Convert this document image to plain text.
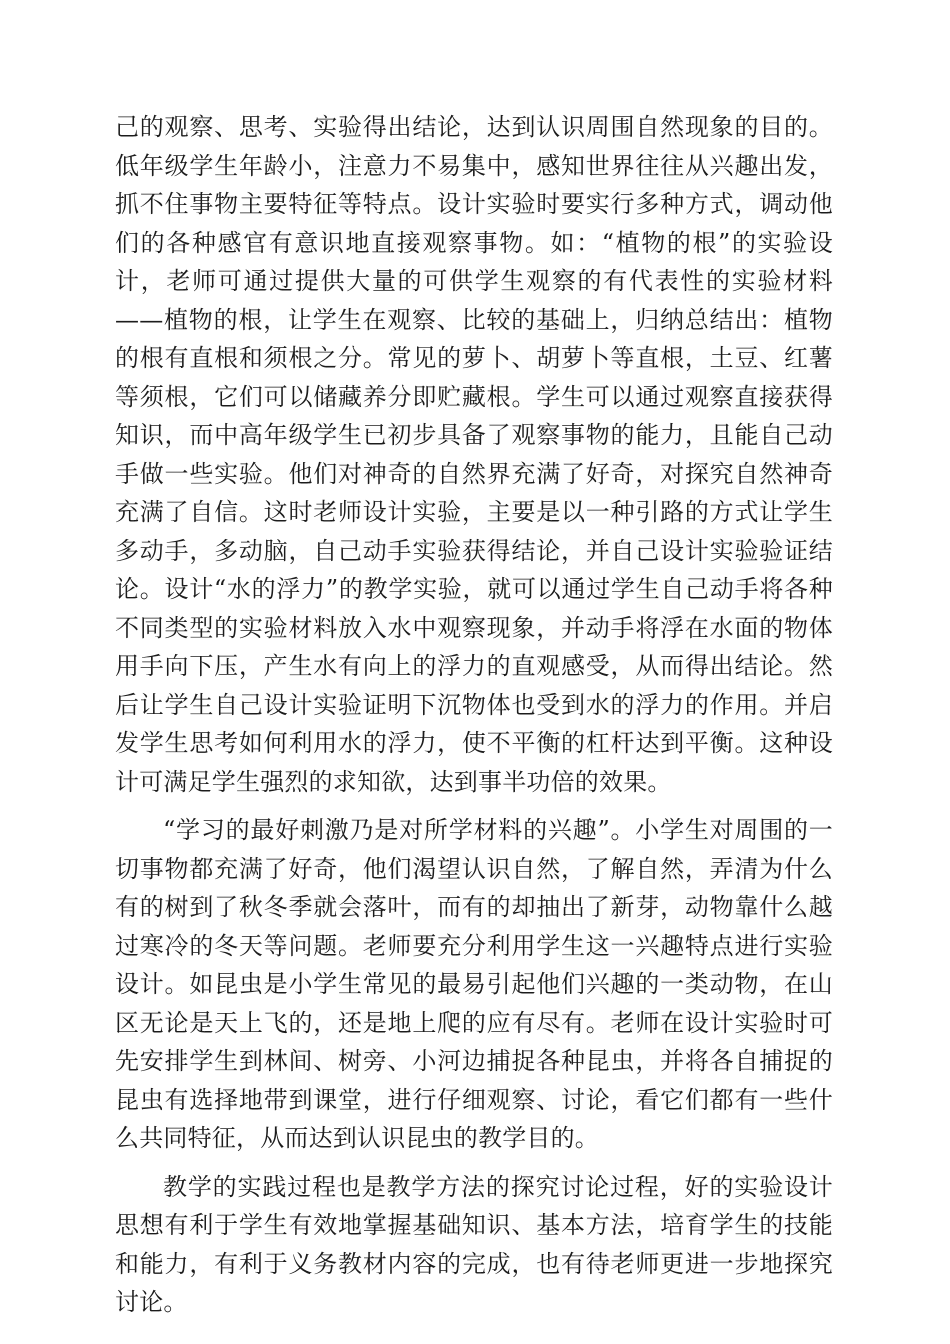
己的观察、思考、实验得出结论，达到认识周围自然现象的目的。低年级学生年龄小，注意力不易集中，感知世界往往从兴趣出发，抓不住事物主要特征等特点。设计实验时要实行多种方式，调动他们的各种感官有意识地直接观察事物。如：“植物的根”的实验设计，老师可通过提供大量的可供学生观察的有代表性的实验材料——植物的根，让学生在观察、比较的基础上，归纳总结出：植物的根有直根和须根之分。常见的萝卜、胡萝卜等直根，土豆、红薯等须根，它们可以储藏养分即贮藏根。学生可以通过观察直接获得知识，而中高年级学生已初步具备了观察事物的能力，且能自己动手做一些实验。他们对神奇的自然界充满了好奇，对探究自然神奇充满了自信。这时老师设计实验，主要是以一种引路的方式让学生多动手，多动脑，自己动手实验获得结论，并自己设计实验验证结论。设计“水的浮力”的教学实验，就可以通过学生自己动手将各种不同类型的实验材料放入水中观察现象，并动手将浮在水面的物体用手向下压，产生水有向上的浮力的直观感受，从而得出结论。然后让学生自己设计实验证明下沉物体也受到水的浮力的作用。并启发学生思考如何利用水的浮力，使不平衡的杠杆达到平衡。这种设计可满足学生强烈的求知欲，达到事半功倍的效果。

“学习的最好刺激乃是对所学材料的兴趣”。小学生对周围的一切事物都充满了好奇，他们渴望认识自然，了解自然，弄清为什么有的树到了秋冬季就会落叶，而有的却抽出了新芽，动物靠什么越过寒冷的冬天等问题。老师要充分利用学生这一兴趣特点进行实验设计。如昆虫是小学生常见的最易引起他们兴趣的一类动物，在山区无论是天上飞的，还是地上爬的应有尽有。老师在设计实验时可先安排学生到林间、树旁、小河边捕捉各种昆虫，并将各自捕捉的昆虫有选择地带到课堂，进行仔细观察、讨论，看它们都有一些什么共同特征，从而达到认识昆虫的教学目的。

教学的实践过程也是教学方法的探究讨论过程，好的实验设计思想有利于学生有效地掌握基础知识、基本方法，培育学生的技能和能力，有利于义务教材内容的完成，也有待老师更进一步地探究讨论。
